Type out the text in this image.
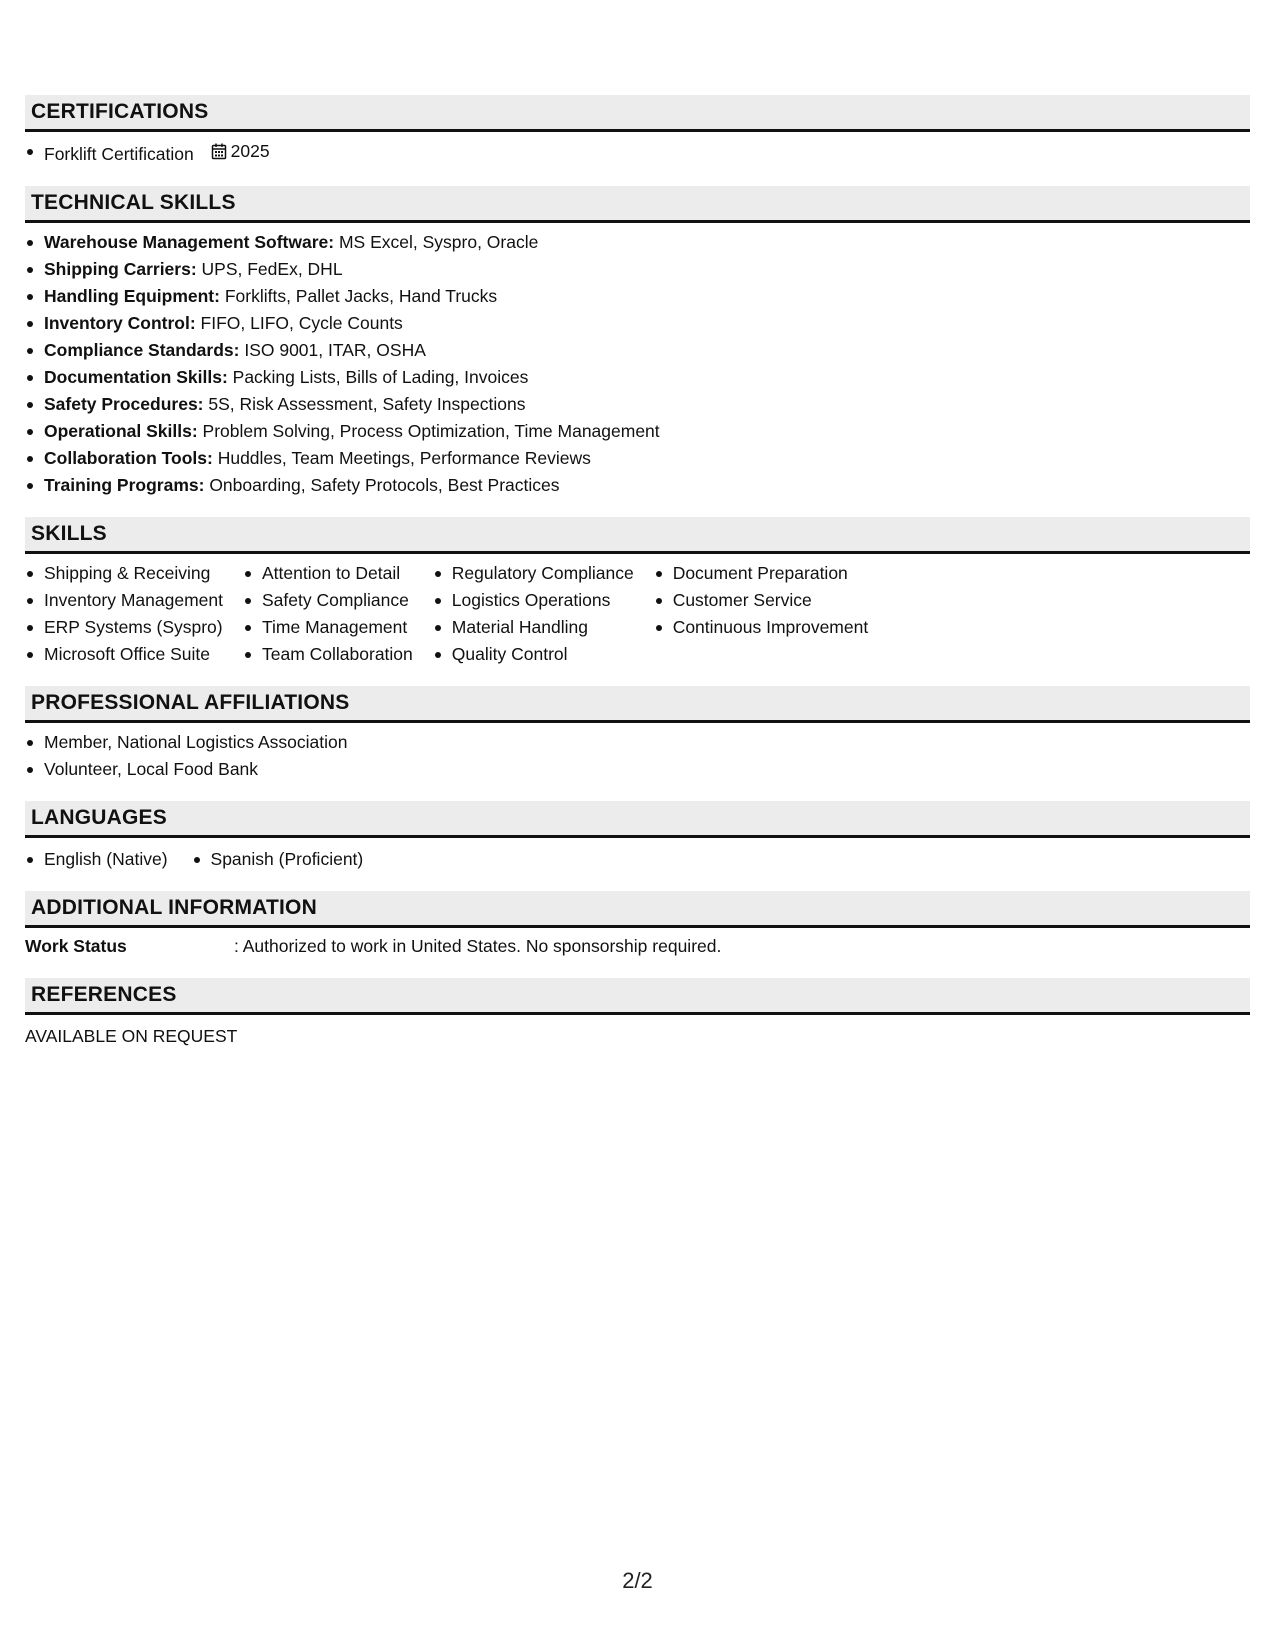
CERTIFICATIONS
Forklift Certification 2025
TECHNICAL SKILLS
Warehouse Management Software: MS Excel, Syspro, Oracle
Shipping Carriers: UPS, FedEx, DHL
Handling Equipment: Forklifts, Pallet Jacks, Hand Trucks
Inventory Control: FIFO, LIFO, Cycle Counts
Compliance Standards: ISO 9001, ITAR, OSHA
Documentation Skills: Packing Lists, Bills of Lading, Invoices
Safety Procedures: 5S, Risk Assessment, Safety Inspections
Operational Skills: Problem Solving, Process Optimization, Time Management
Collaboration Tools: Huddles, Team Meetings, Performance Reviews
Training Programs: Onboarding, Safety Protocols, Best Practices
SKILLS
Shipping & Receiving
Inventory Management
ERP Systems (Syspro)
Microsoft Office Suite
Attention to Detail
Safety Compliance
Time Management
Team Collaboration
Regulatory Compliance
Logistics Operations
Material Handling
Quality Control
Document Preparation
Customer Service
Continuous Improvement
PROFESSIONAL AFFILIATIONS
Member, National Logistics Association
Volunteer, Local Food Bank
LANGUAGES
English (Native)	Spanish (Proficient)
ADDITIONAL INFORMATION
Work Status	: Authorized to work in United States. No sponsorship required.
REFERENCES
AVAILABLE ON REQUEST
2/2
